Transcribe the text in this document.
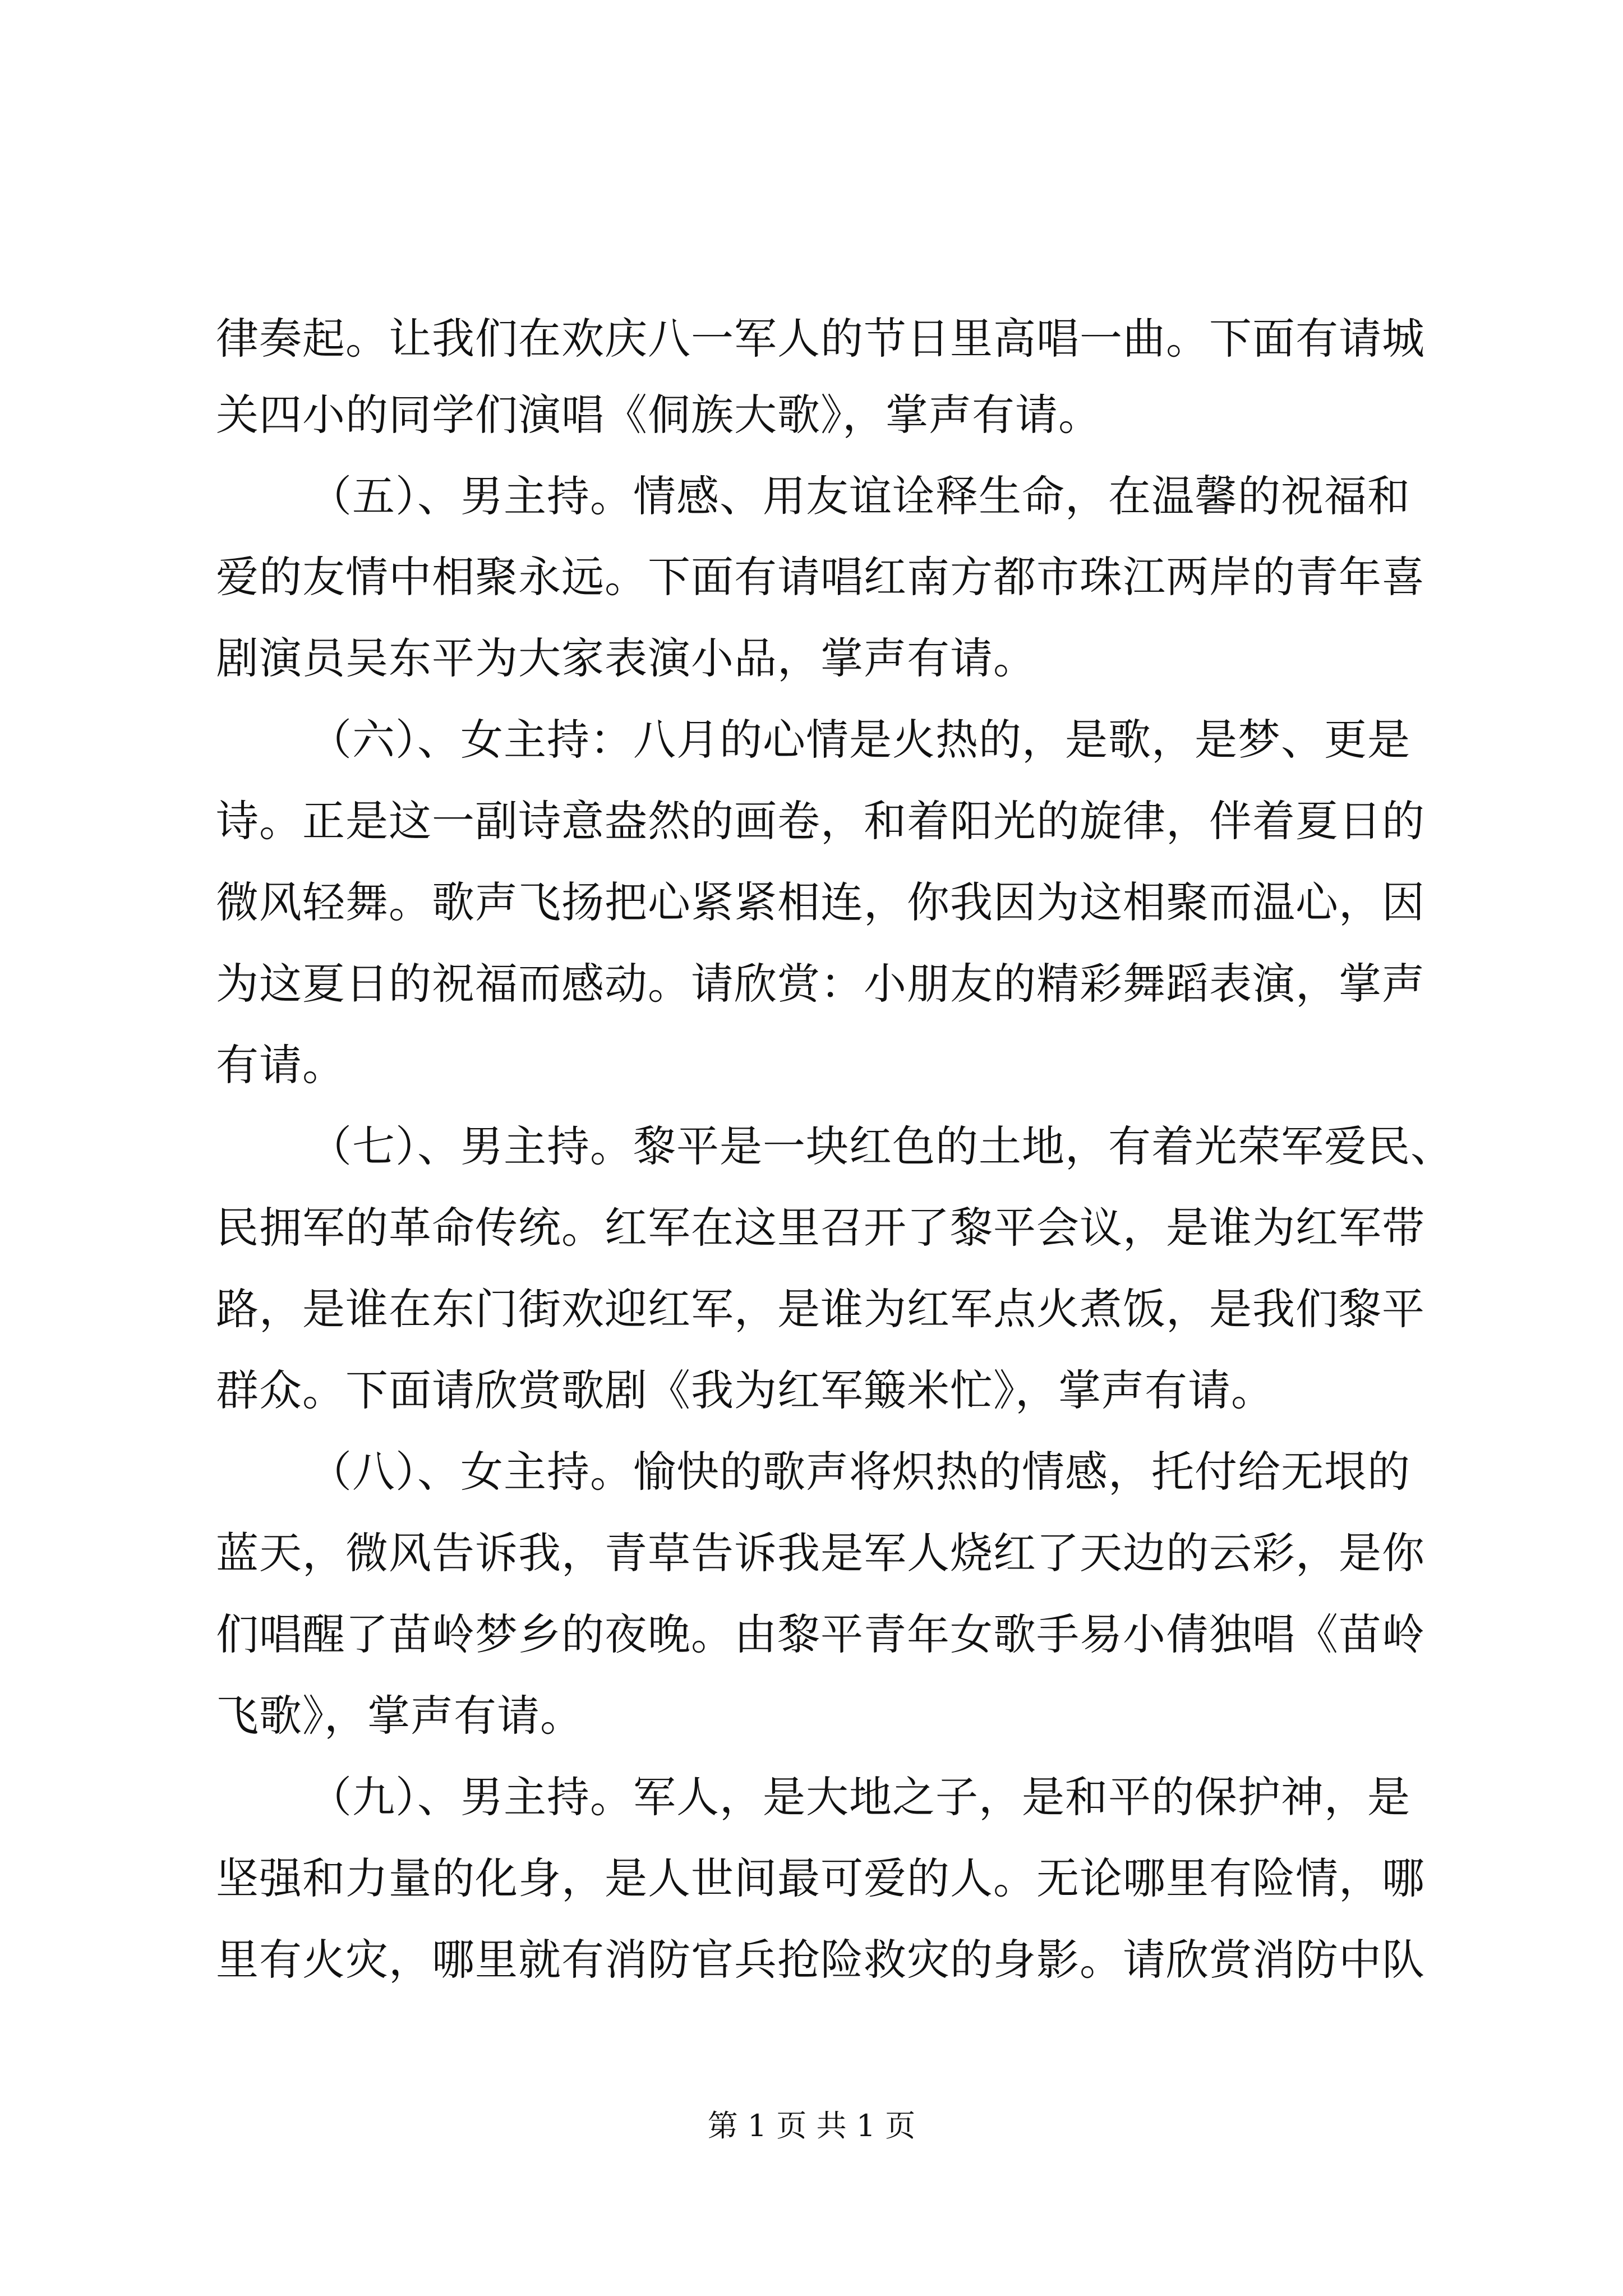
律奏起。让我们在欢庆八一军人的节日里高唱一曲。下面有请城
关四小的同学们演唱《侗族大歌》，掌声有请。
（五）、男主持。情感、用友谊诠释生命，在温馨的祝福和
爱的友情中相聚永远。下面有请唱红南方都市珠江两岸的青年喜
剧演员吴东平为大家表演小品，掌声有请。
（六）、女主持：八月的心情是火热的，是歌，是梦、更是
诗。正是这一副诗意盎然的画卷，和着阳光的旋律，伴着夏日的
微风轻舞。歌声飞扬把心紧紧相连，你我因为这相聚而温心，因
为这夏日的祝福而感动。请欣赏：小朋友的精彩舞蹈表演，掌声
有请。
（七）、男主持。黎平是一块红色的土地，有着光荣军爱民、
民拥军的革命传统。红军在这里召开了黎平会议，是谁为红军带
路，是谁在东门街欢迎红军，是谁为红军点火煮饭，是我们黎平
群众。下面请欣赏歌剧《我为红军簸米忙》，掌声有请。
（八）、女主持。愉快的歌声将炽热的情感，托付给无垠的
蓝天，微风告诉我，青草告诉我是军人烧红了天边的云彩，是你
们唱醒了苗岭梦乡的夜晚。由黎平青年女歌手易小倩独唱《苗岭
飞歌》，掌声有请。
（九）、男主持。军人，是大地之子，是和平的保护神，是
坚强和力量的化身，是人世间最可爱的人。无论哪里有险情，哪
里有火灾，哪里就有消防官兵抢险救灾的身影。请欣赏消防中队
第 1 页 共 1 页
